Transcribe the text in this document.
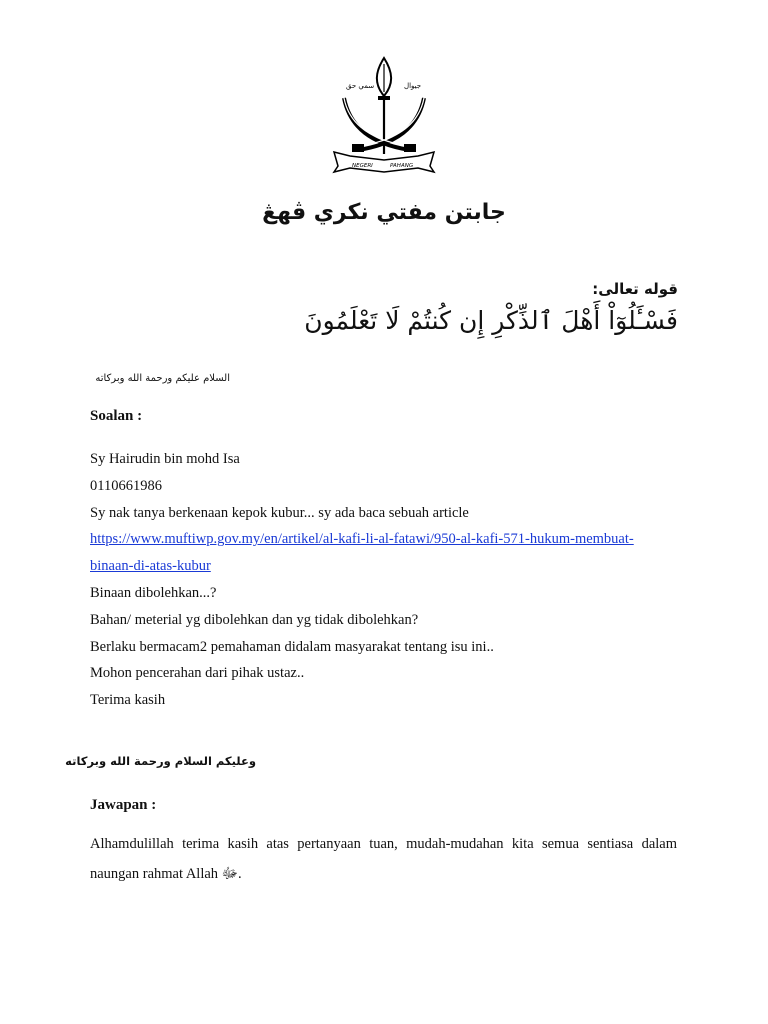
ﺳﻤﻲ ﺣﻖ	ﺟﻴﻮاﻝ
NEGERI	PAHANG
جابتن مفتي نكري ڤهڠ
قوله تعالى:
فَسْـَٔلُوٓاْ أَهْلَ ٱلذِّكْرِ إِن كُنتُمْ لَا تَعْلَمُونَ
السلام عليكم ورحمة الله وبركاته
Soalan :
Sy Hairudin bin mohd Isa
0110661986
Sy nak tanya berkenaan kepok kubur... sy ada baca sebuah article
https://www.muftiwp.gov.my/en/artikel/al-kafi-li-al-fatawi/950-al-kafi-571-hukum-membuat-
binaan-di-atas-kubur
Binaan dibolehkan...?
Bahan/ meterial yg dibolehkan dan yg tidak dibolehkan?
Berlaku bermacam2 pemahaman didalam masyarakat tentang isu ini..
Mohon pencerahan dari pihak ustaz..
Terima kasih
وعليكم السلام ورحمة الله وبركاته
Jawapan :
Alhamdulillah terima kasih atas pertanyaan tuan, mudah-mudahan kita semua sentiasa dalam
naungan rahmat Allah ﷻ.
